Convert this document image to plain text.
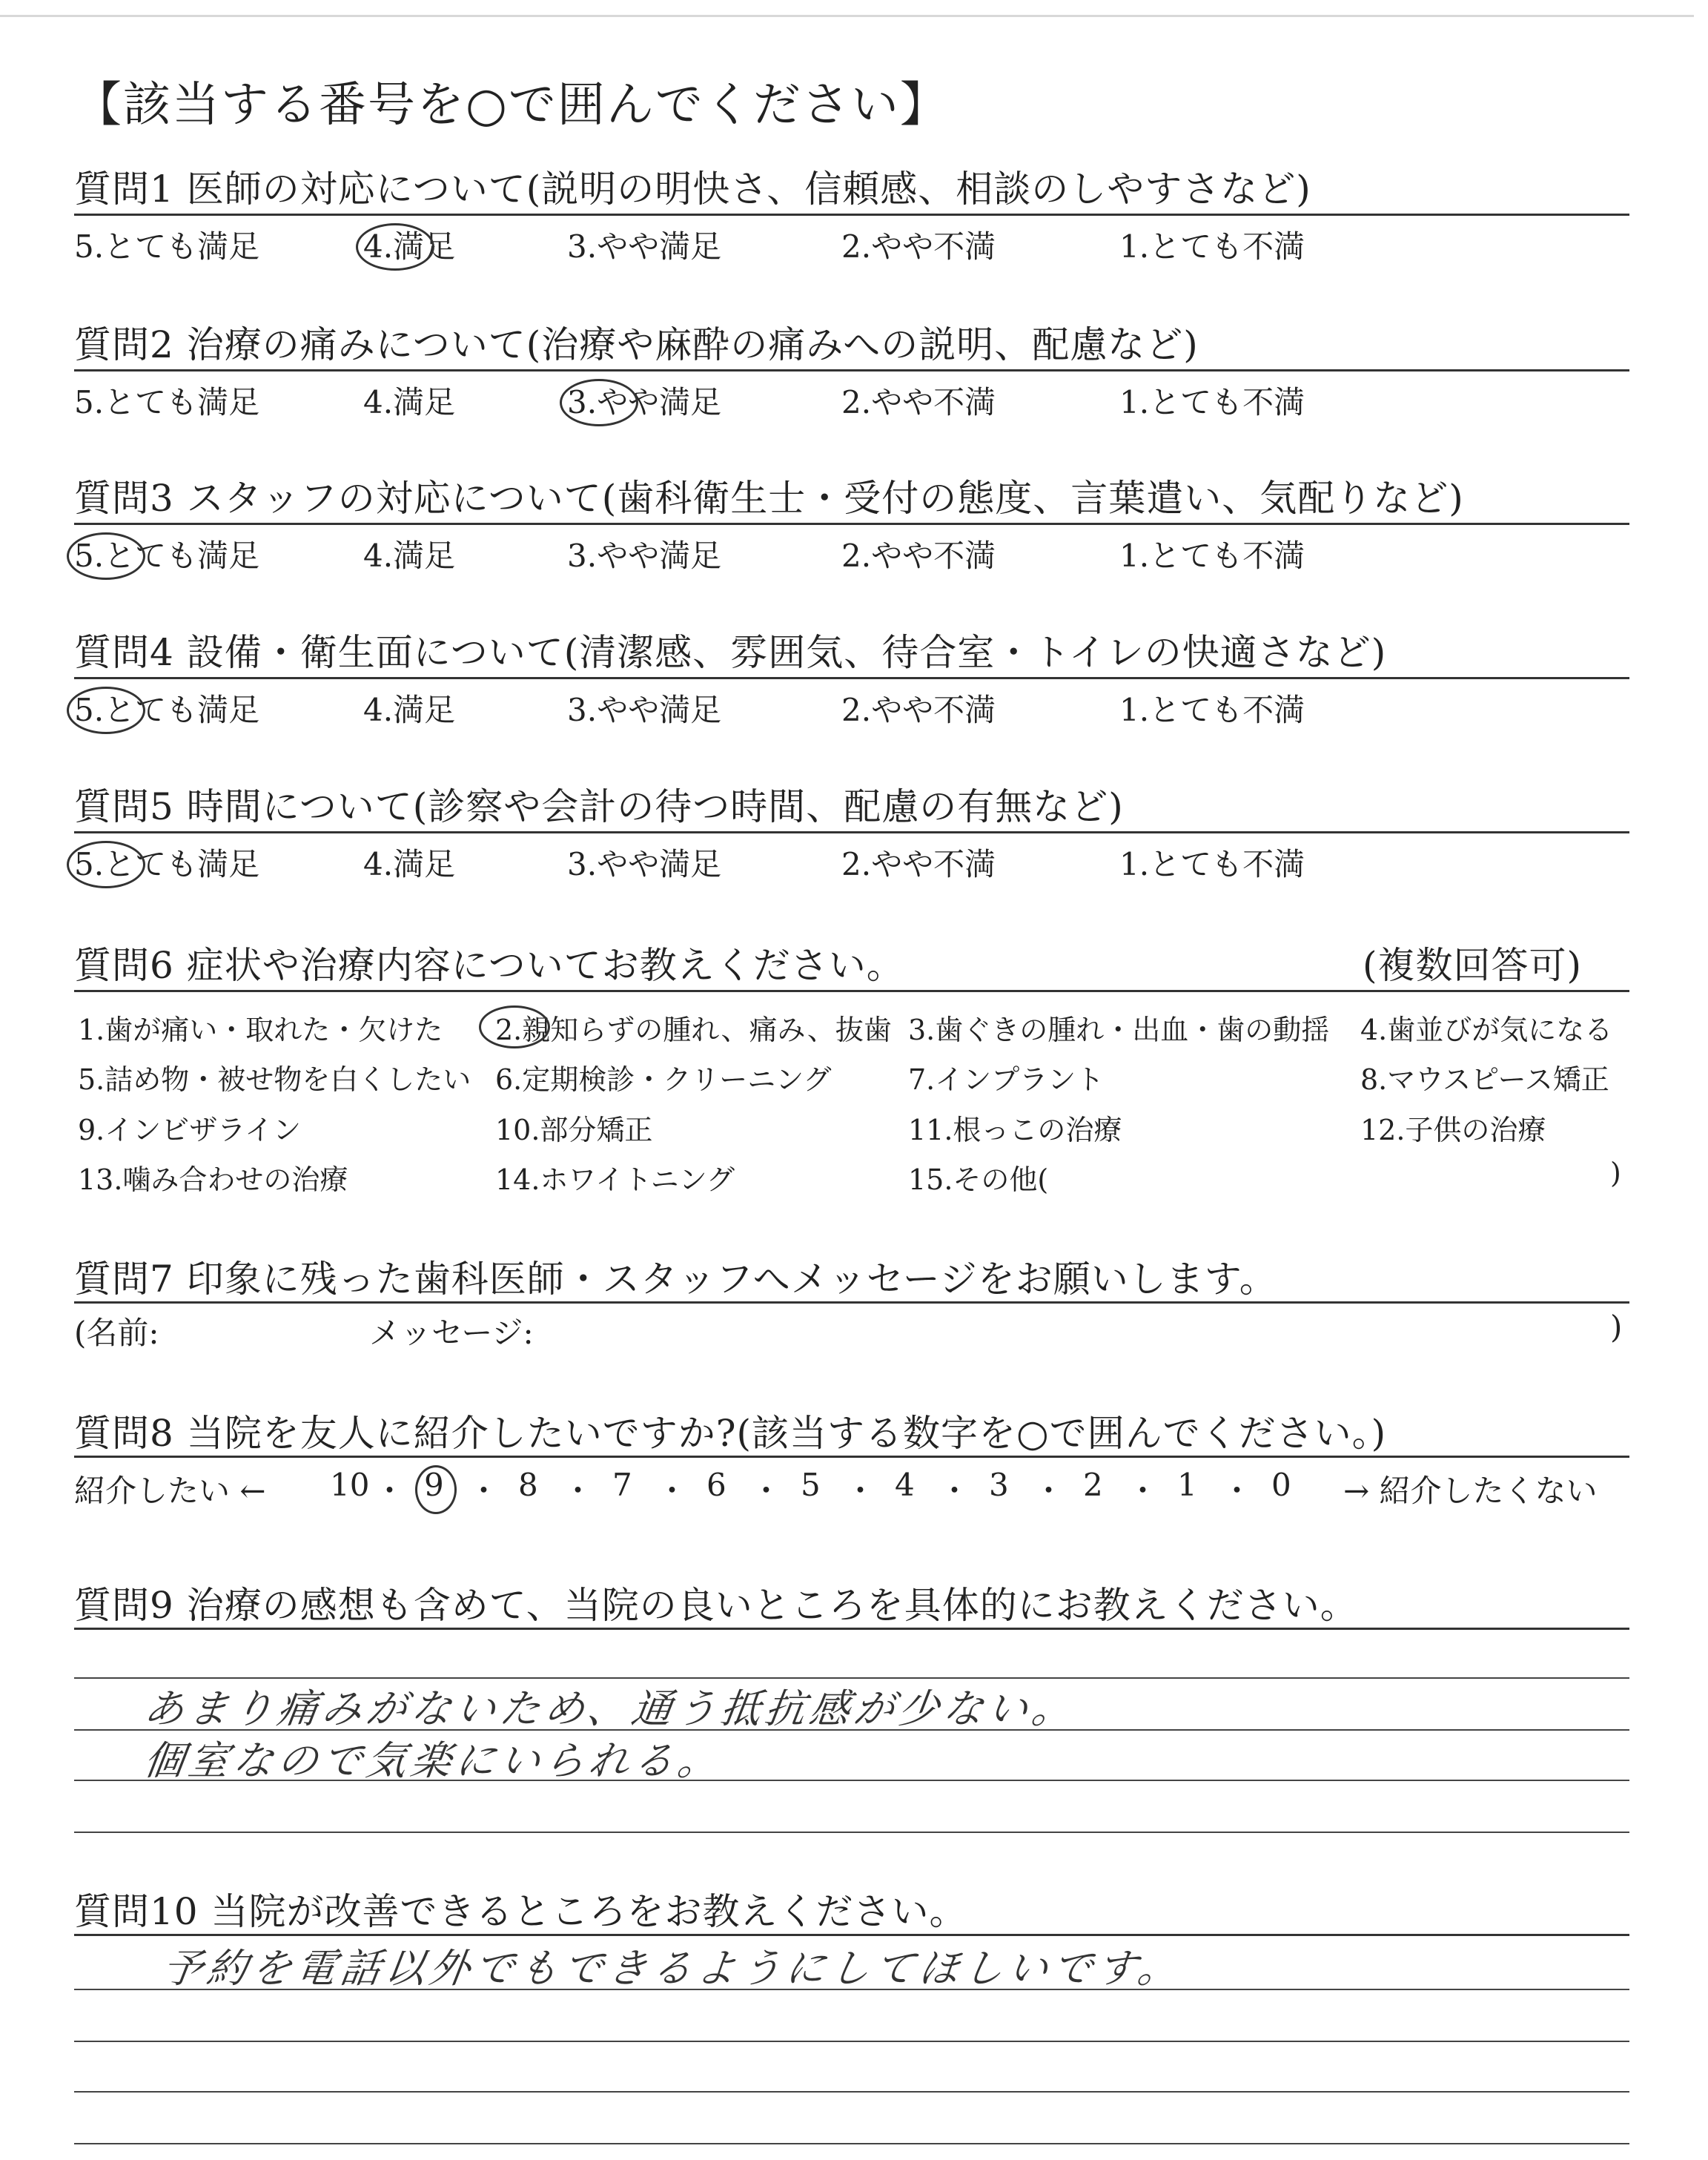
【該当する番号を○で囲んでください】
質問1 医師の対応について(説明の明快さ、信頼感、相談のしやすさなど)
5.とても満足	4.満足	3.やや満足	2.やや不満	1.とても不満
質問2 治療の痛みについて(治療や麻酔の痛みへの説明、配慮など)
5.とても満足	4.満足	3.やや満足	2.やや不満	1.とても不満
質問3 スタッフの対応について(歯科衛生士・受付の態度、言葉遣い、気配りなど)
5.とても満足	4.満足	3.やや満足	2.やや不満	1.とても不満
質問4 設備・衛生面について(清潔感、雰囲気、待合室・トイレの快適さなど)
5.とても満足	4.満足	3.やや満足	2.やや不満	1.とても不満
質問5 時間について(診察や会計の待つ時間、配慮の有無など)
5.とても満足	4.満足	3.やや満足	2.やや不満	1.とても不満
質問6 症状や治療内容についてお教えください。	(複数回答可)
1.歯が痛い・取れた・欠けた 2.親知らずの腫れ、痛み、抜歯 3.歯ぐきの腫れ・出血・歯の動揺 4.歯並びが気になる
5.詰め物・被せ物を白くしたい 6.定期検診・クリーニング	7.インプラント	8.マウスピース矯正
9.インビザライン	10.部分矯正	11.根っこの治療	12.子供の治療
13.噛み合わせの治療	14.ホワイトニング	15.その他(	)
質問7 印象に残った歯科医師・スタッフへメッセージをお願いします。
(名前:	メッセージ:	)
質問8 当院を友人に紹介したいですか?(該当する数字を○で囲んでください。)
紹介したい ←	→ 紹介したくない
10 ・ 9 ・ 8 ・ 7 ・ 6 ・ 5 ・ 4 ・ 3 ・ 2 ・ 1 ・ 0
質問9 治療の感想も含めて、当院の良いところを具体的にお教えください。
あまり痛みがないため、通う抵抗感が少ない。
個室なので気楽にいられる。
質問10 当院が改善できるところをお教えください。
予約を電話以外でもできるようにしてほしいです。
